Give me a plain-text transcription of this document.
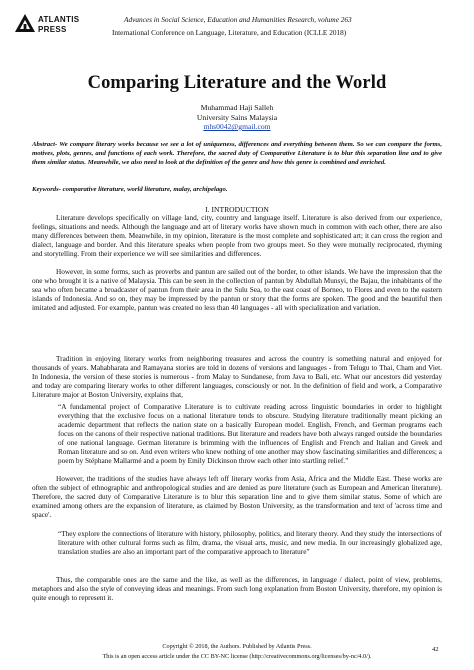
ATLANTIS
PRESS
Advances in Social Science, Education and Humanities Research, volume 263
International Conference on Language, Literature, and Education (ICLLE 2018)
Comparing Literature and the World
Muhammad Haji Salleh
University Sains Malaysia
mhs0042@gmail.com
Abstract- We compare literary works because we see a lot of uniqueness, differences and everything between them. So we can compare the forms, motives, plots, genres, and functions of each work. Therefore, the sacred duty of Comparative Literature is to blur this separation line and to give them similar status. Meanwhile, we also need to look at the definition of the genre and how this genre is combined and enriched.
Keywords- comparative literature, world literature, malay, archipelago.
I. INTRODUCTION
Literature develops specifically on village land, city, country and language itself. Literature is also derived from our experience, feelings, situations and needs. Although the language and art of literary works have shown much in common with each other, there are also many differences between them. Meanwhile, in my opinion, literature is the most complete and sophisticated art; it can cross the region and dialect, language and border. And this literature speaks when people from two groups meet. So they were mutually reciprocated, rhyming and storytelling. From their experience we will see similarities and differences.
However, in some forms, such as proverbs and pantun are sailed out of the border, to other islands. We have the impression that the one who brought it is a native of Malaysia. This can be seen in the collection of pantun by Abdullah Munsyi, the Bajau, the inhabitants of the sea who often became a broadcaster of pantun from their area in the Sulu Sea, to the east coast of Borneo, to Flores and even to the eastern islands of Indonesia. And so on, they may be impressed by the pantun or story that the forms are spoken. The good and the beautiful then imitated and adjusted. For example, pantun was created no less than 40 languages - all with specialization and variation.
Tradition in enjoying literary works from neighboring treasures and across the country is something natural and enjoyed for thousands of years. Mahabharata and Ramayana stories are told in dozens of versions and languages - from Telugu to Thai, Cham and Viet. In Indonesia, the version of these stories is numerous - from Malay to Sundanese, from Java to Bali, etc. What our ancestors did yesterday and today are comparing literary works to other different languages, consciously or not. In the definition of field and work, a Comparative Literature major at Boston University, explains that,
“A fundamental project of Comparative Literature is to cultivate reading across linguistic boundaries in order to highlight everything that the exclusive focus on a national literature tends to obscure. Studying literature traditionally meant picking an academic department that reflects the nation state on a basically European model. English, French, and German programs each focus on the canons of their respective national traditions. But literature and readers have both always ranged outside the boundaries of one national language. German literature is brimming with the influences of English and French and Italian and Greek and Roman literature and so on. And even writers who knew nothing of one another may show fascinating similarities and differences; a poem by Stéphane Mallarmé and a poem by Emily Dickinson throw each other into startling relief.”
However, the traditions of the studies have always left off literary works from Asia, Africa and the Middle East. These works are often the subject of ethnographic and anthropological studies and are denied as pure literature (such as European and American literature). Therefore, the sacred duty of Comparative Literature is to blur this separation line and to give them similar status. Some of which are examined among others are the expansion of literature, as claimed by Boston University, as the transformation and text of 'across time and space'.
“They explore the connections of literature with history, philosophy, politics, and literary theory. And they study the intersections of literature with other cultural forms such as film, drama, the visual arts, music, and new media. In our increasingly globalized age, translation studies are also an important part of the comparative approach to literature”
Thus, the comparable ones are the same and the like, as well as the differences, in language / dialect, point of view, problems, metaphors and also the style of conveying ideas and meanings. From such long explanation from Boston University, therefore, my opinion is quite enough to represent it.
Copyright © 2018, the Authors. Published by Atlantis Press.
This is an open access article under the CC BY-NC license (http://creativecommons.org/licenses/by-nc/4.0/).
42
